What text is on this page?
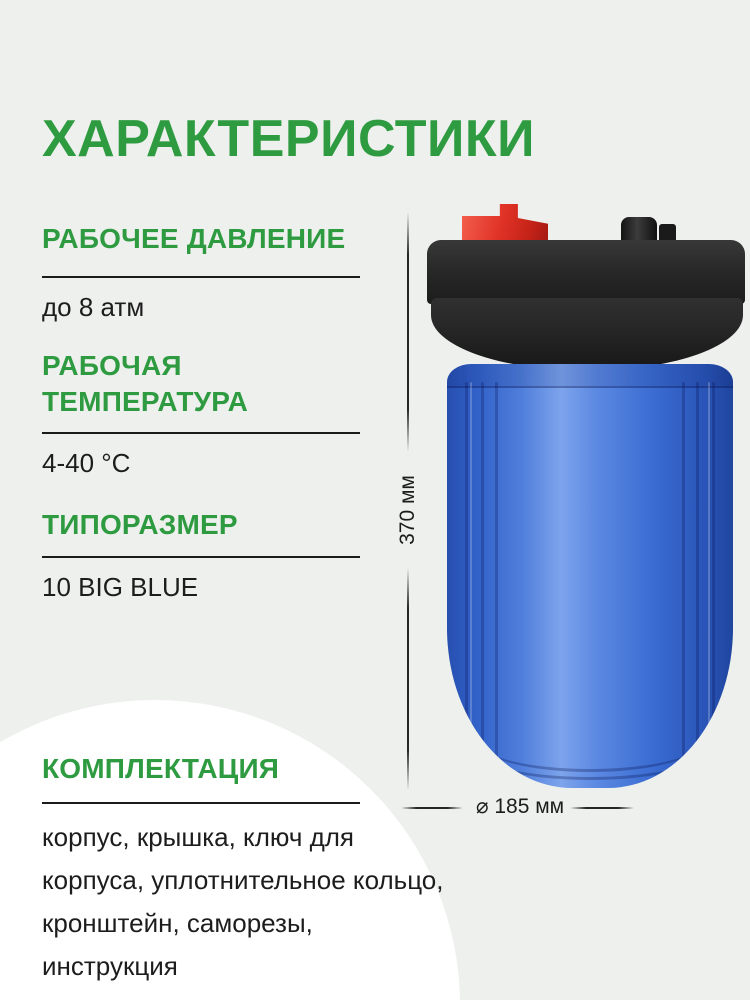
ХАРАКТЕРИСТИКИ
РАБОЧЕЕ ДАВЛЕНИЕ
до 8 атм
РАБОЧАЯ ТЕМПЕРАТУРА
4-40 °C
ТИПОРАЗМЕР
10 BIG BLUE
КОМПЛЕКТАЦИЯ
корпус, крышка, ключ для
корпуса, уплотнительное кольцо,
кронштейн, саморезы,
инструкция
370 мм
⌀ 185 мм
